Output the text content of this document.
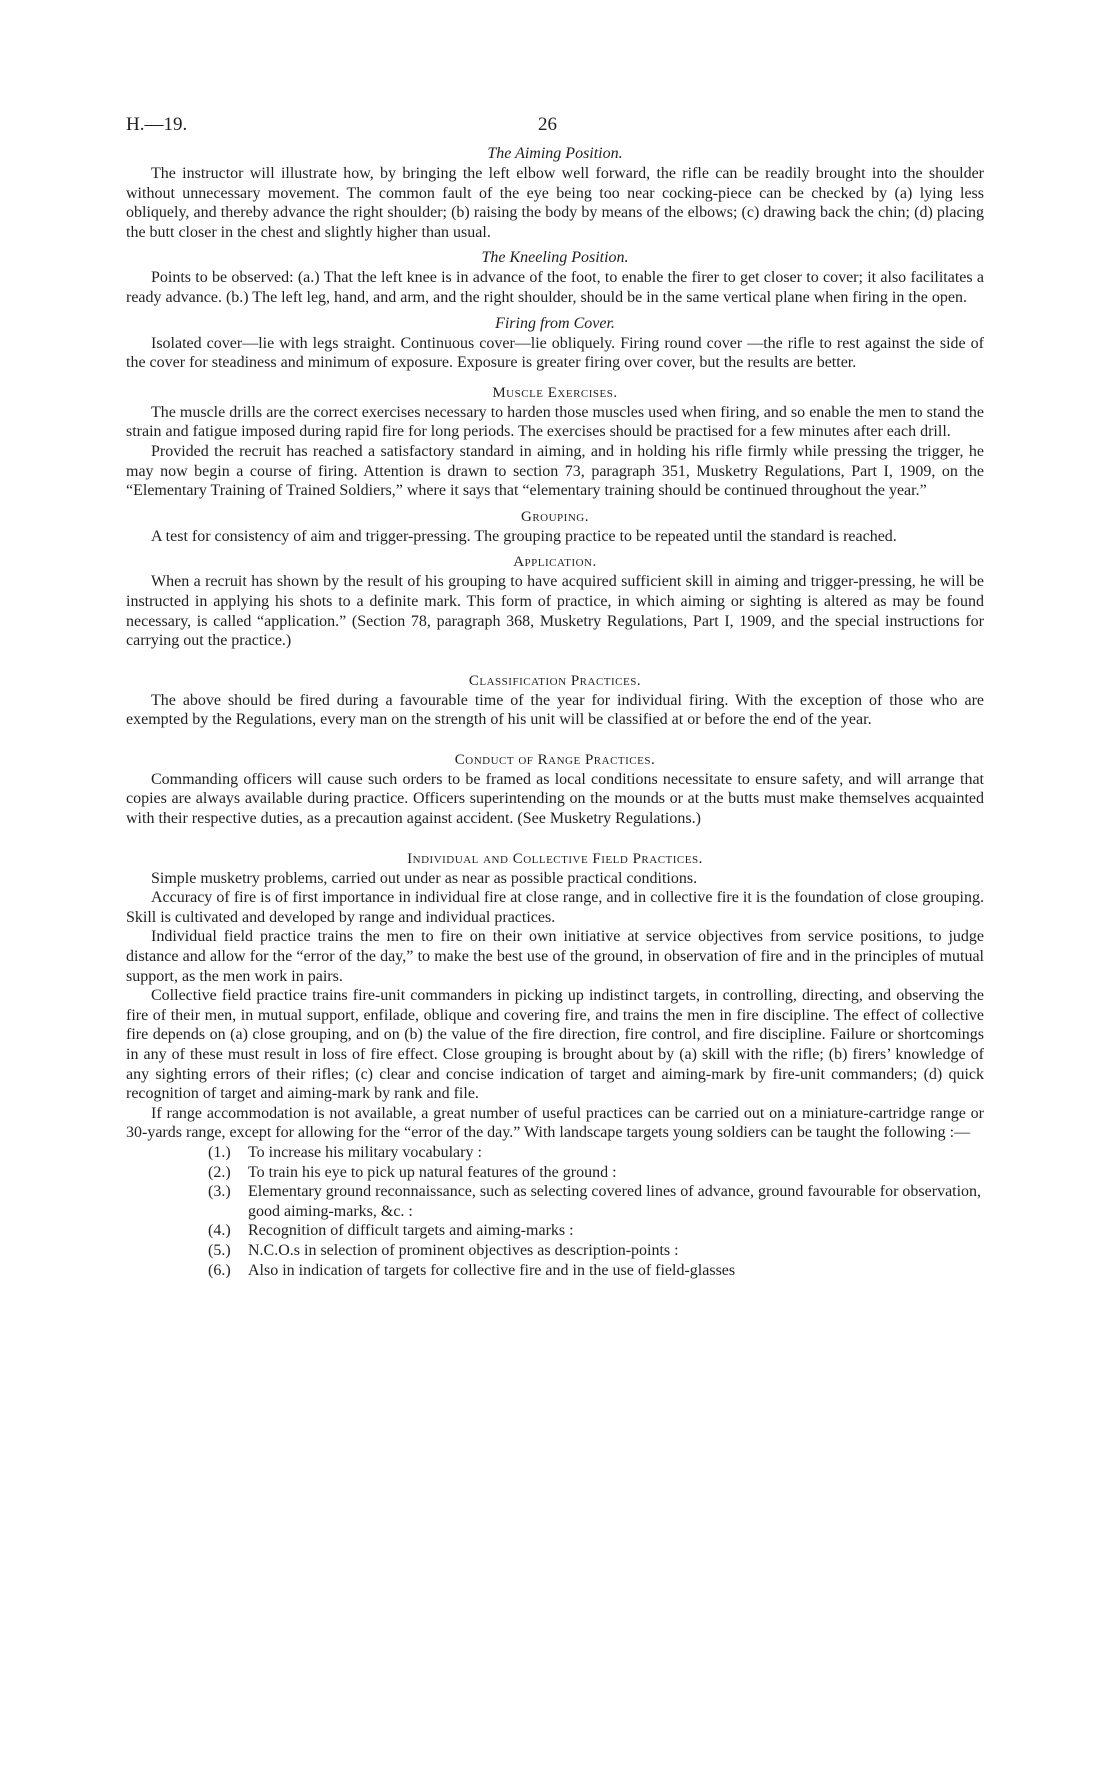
H.—19.	26
The Aiming Position.

The instructor will illustrate how, by bringing the left elbow well forward, the rifle can be readily brought into the shoulder without unnecessary movement. The common fault of the eye being too near cocking-piece can be checked by (a) lying less obliquely, and thereby advance the right shoulder; (b) raising the body by means of the elbows; (c) drawing back the chin; (d) placing the butt closer in the chest and slightly higher than usual.

The Kneeling Position.

Points to be observed: (a.) That the left knee is in advance of the foot, to enable the firer to get closer to cover; it also facilitates a ready advance. (b.) The left leg, hand, and arm, and the right shoulder, should be in the same vertical plane when firing in the open.

Firing from Cover.

Isolated cover—lie with legs straight. Continuous cover—lie obliquely. Firing round cover —the rifle to rest against the side of the cover for steadiness and minimum of exposure. Exposure is greater firing over cover, but the results are better.

Muscle Exercises.

The muscle drills are the correct exercises necessary to harden those muscles used when firing, and so enable the men to stand the strain and fatigue imposed during rapid fire for long periods. The exercises should be practised for a few minutes after each drill.

Provided the recruit has reached a satisfactory standard in aiming, and in holding his rifle firmly while pressing the trigger, he may now begin a course of firing. Attention is drawn to section 73, paragraph 351, Musketry Regulations, Part I, 1909, on the “Elementary Training of Trained Soldiers,” where it says that “elementary training should be continued throughout the year.”

Grouping.

A test for consistency of aim and trigger-pressing. The grouping practice to be repeated until the standard is reached.

Application.

When a recruit has shown by the result of his grouping to have acquired sufficient skill in aiming and trigger-pressing, he will be instructed in applying his shots to a definite mark. This form of practice, in which aiming or sighting is altered as may be found necessary, is called “application.” (Section 78, paragraph 368, Musketry Regulations, Part I, 1909, and the special instructions for carrying out the practice.)

Classification Practices.

The above should be fired during a favourable time of the year for individual firing. With the exception of those who are exempted by the Regulations, every man on the strength of his unit will be classified at or before the end of the year.

Conduct of Range Practices.

Commanding officers will cause such orders to be framed as local conditions necessitate to ensure safety, and will arrange that copies are always available during practice. Officers superintending on the mounds or at the butts must make themselves acquainted with their respective duties, as a precaution against accident. (See Musketry Regulations.)

Individual and Collective Field Practices.

Simple musketry problems, carried out under as near as possible practical conditions.

Accuracy of fire is of first importance in individual fire at close range, and in collective fire it is the foundation of close grouping. Skill is cultivated and developed by range and individual practices.

Individual field practice trains the men to fire on their own initiative at service objectives from service positions, to judge distance and allow for the “error of the day,” to make the best use of the ground, in observation of fire and in the principles of mutual support, as the men work in pairs.

Collective field practice trains fire-unit commanders in picking up indistinct targets, in controlling, directing, and observing the fire of their men, in mutual support, enfilade, oblique and covering fire, and trains the men in fire discipline. The effect of collective fire depends on (a) close grouping, and on (b) the value of the fire direction, fire control, and fire discipline. Failure or shortcomings in any of these must result in loss of fire effect. Close grouping is brought about by (a) skill with the rifle; (b) firers’ knowledge of any sighting errors of their rifles; (c) clear and concise indication of target and aiming-mark by fire-unit commanders; (d) quick recognition of target and aiming-mark by rank and file.

If range accommodation is not available, a great number of useful practices can be carried out on a miniature-cartridge range or 30-yards range, except for allowing for the “error of the day.” With landscape targets young soldiers can be taught the following :—

(1.) To increase his military vocabulary :
(2.) To train his eye to pick up natural features of the ground :
(3.) Elementary ground reconnaissance, such as selecting covered lines of advance, ground favourable for observation, good aiming-marks, &c. :
(4.) Recognition of difficult targets and aiming-marks :
(5.) N.C.O.s in selection of prominent objectives as description-points :
(6.) Also in indication of targets for collective fire and in the use of field-glasses
